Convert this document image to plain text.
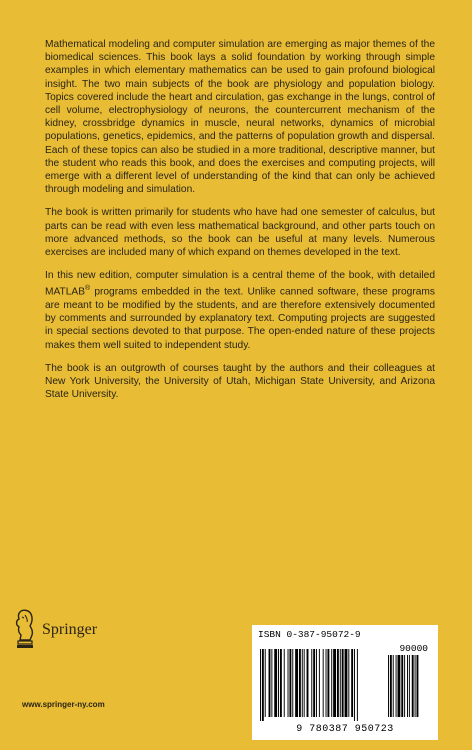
Mathematical modeling and computer simulation are emerging as major themes of the biomedical sciences. This book lays a solid foundation by working through simple examples in which elementary mathematics can be used to gain profound biological insight. The two main subjects of the book are physiology and population biology. Topics covered include the heart and circulation, gas exchange in the lungs, control of cell volume, electrophysiology of neurons, the countercurrent mechanism of the kidney, crossbridge dynamics in muscle, neural networks, dynamics of microbial populations, genetics, epidemics, and the patterns of population growth and dispersal. Each of these topics can also be studied in a more traditional, descriptive manner, but the student who reads this book, and does the exercises and computing projects, will emerge with a different level of understanding of the kind that can only be achieved through modeling and simulation.

The book is written primarily for students who have had one semester of calculus, but parts can be read with even less mathematical background, and other parts touch on more advanced methods, so the book can be useful at many levels. Numerous exercises are included many of which expand on themes developed in the text.

In this new edition, computer simulation is a central theme of the book, with detailed MATLAB® programs embedded in the text. Unlike canned software, these programs are meant to be modified by the students, and are therefore extensively documented by comments and surrounded by explanatory text. Computing projects are suggested in special sections devoted to that purpose. The open-ended nature of these projects makes them well suited to independent study.

The book is an outgrowth of courses taught by the authors and their colleagues at New York University, the University of Utah, Michigan State University, and Arizona State University.

Springer
www.springer-ny.com
ISBN 0-387-95072-9
90000
9 780387 950723
